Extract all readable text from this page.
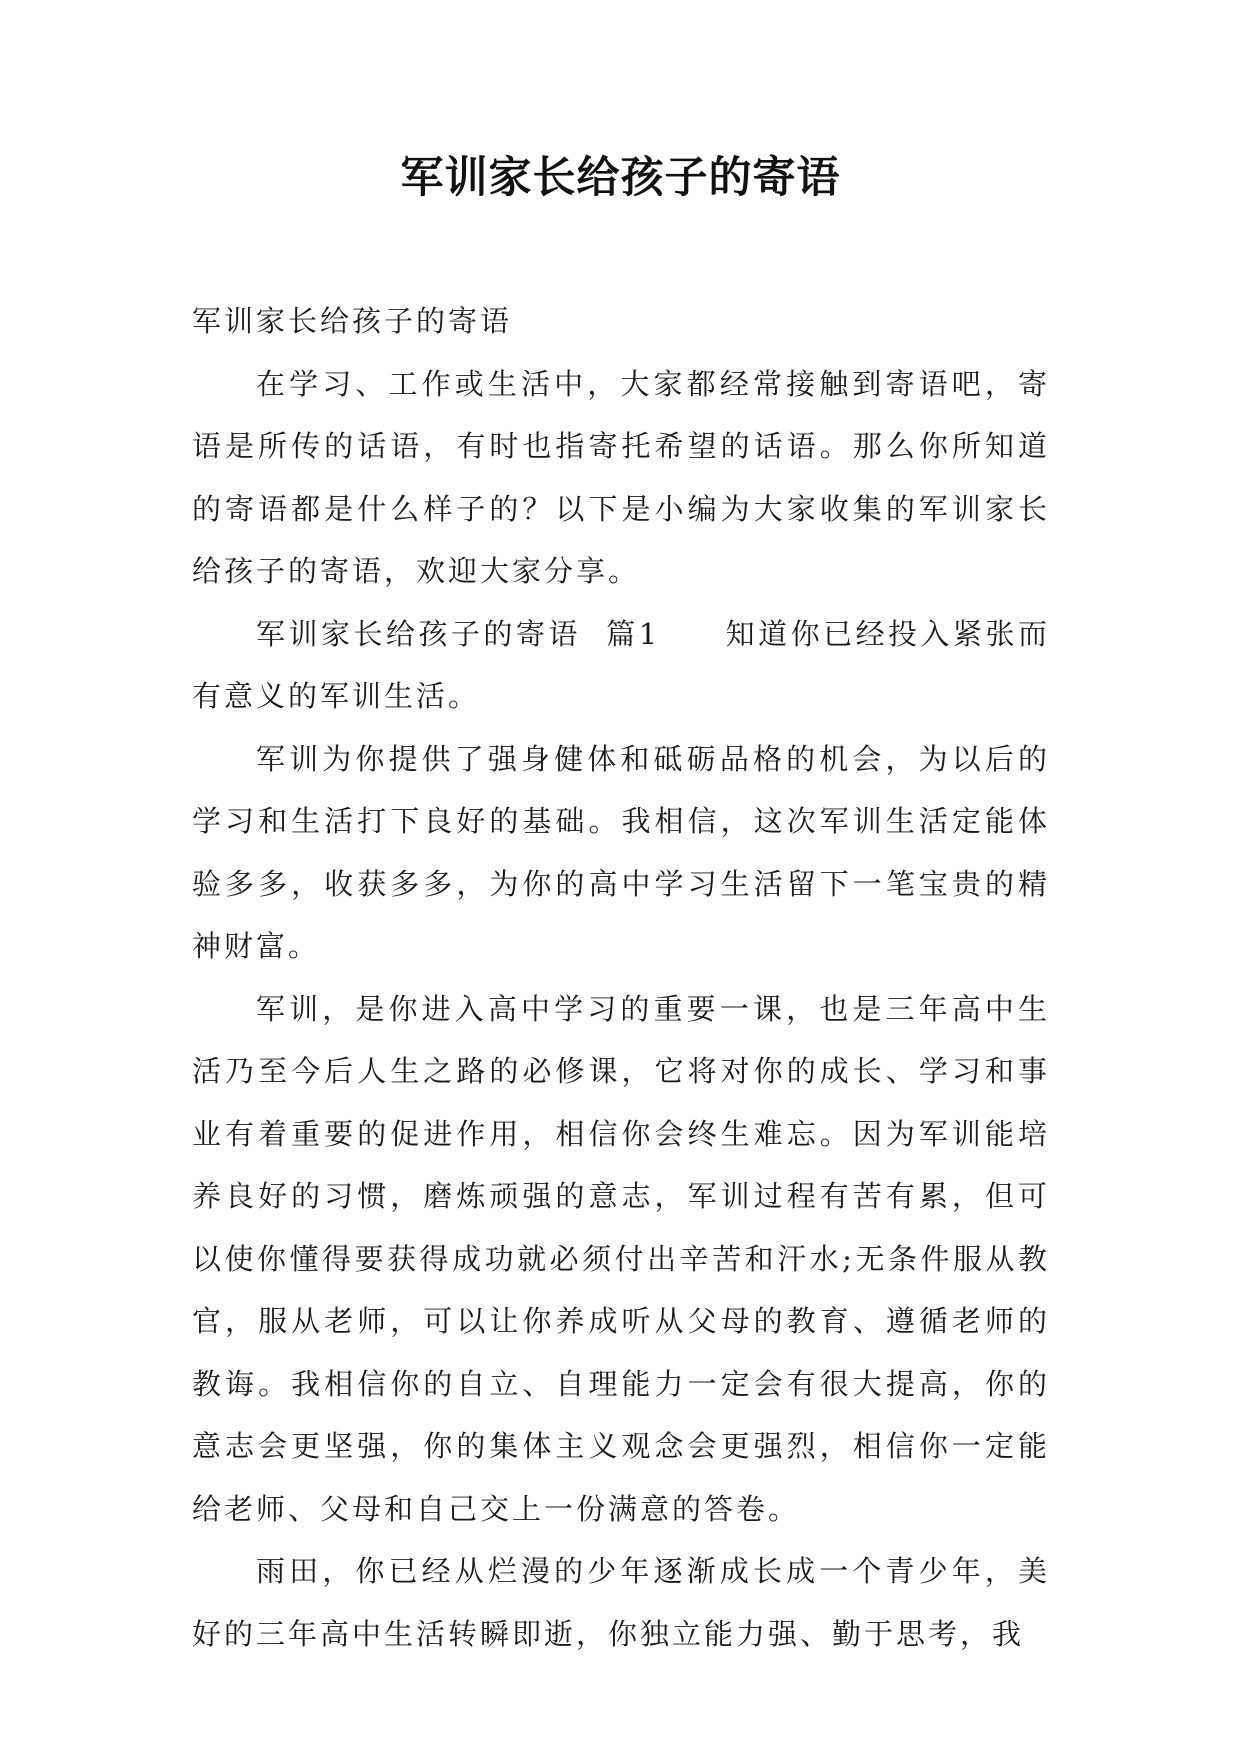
军训家长给孩子的寄语

军训家长给孩子的寄语

在学习、工作或生活中，大家都经常接触到寄语吧，寄语是所传的话语，有时也指寄托希望的话语。那么你所知道的寄语都是什么样子的？以下是小编为大家收集的军训家长给孩子的寄语，欢迎大家分享。

军训家长给孩子的寄语  篇1　　知道你已经投入紧张而有意义的军训生活。

军训为你提供了强身健体和砥砺品格的机会，为以后的学习和生活打下良好的基础。我相信，这次军训生活定能体验多多，收获多多，为你的高中学习生活留下一笔宝贵的精神财富。

军训，是你进入高中学习的重要一课，也是三年高中生活乃至今后人生之路的必修课，它将对你的成长、学习和事业有着重要的促进作用，相信你会终生难忘。因为军训能培养良好的习惯，磨炼顽强的意志，军训过程有苦有累，但可以使你懂得要获得成功就必须付出辛苦和汗水;无条件服从教官，服从老师，可以让你养成听从父母的教育、遵循老师的教诲。我相信你的自立、自理能力一定会有很大提高，你的意志会更坚强，你的集体主义观念会更强烈，相信你一定能给老师、父母和自己交上一份满意的答卷。

雨田，你已经从烂漫的少年逐渐成长成一个青少年，美好的三年高中生活转瞬即逝，你独立能力强、勤于思考，我
